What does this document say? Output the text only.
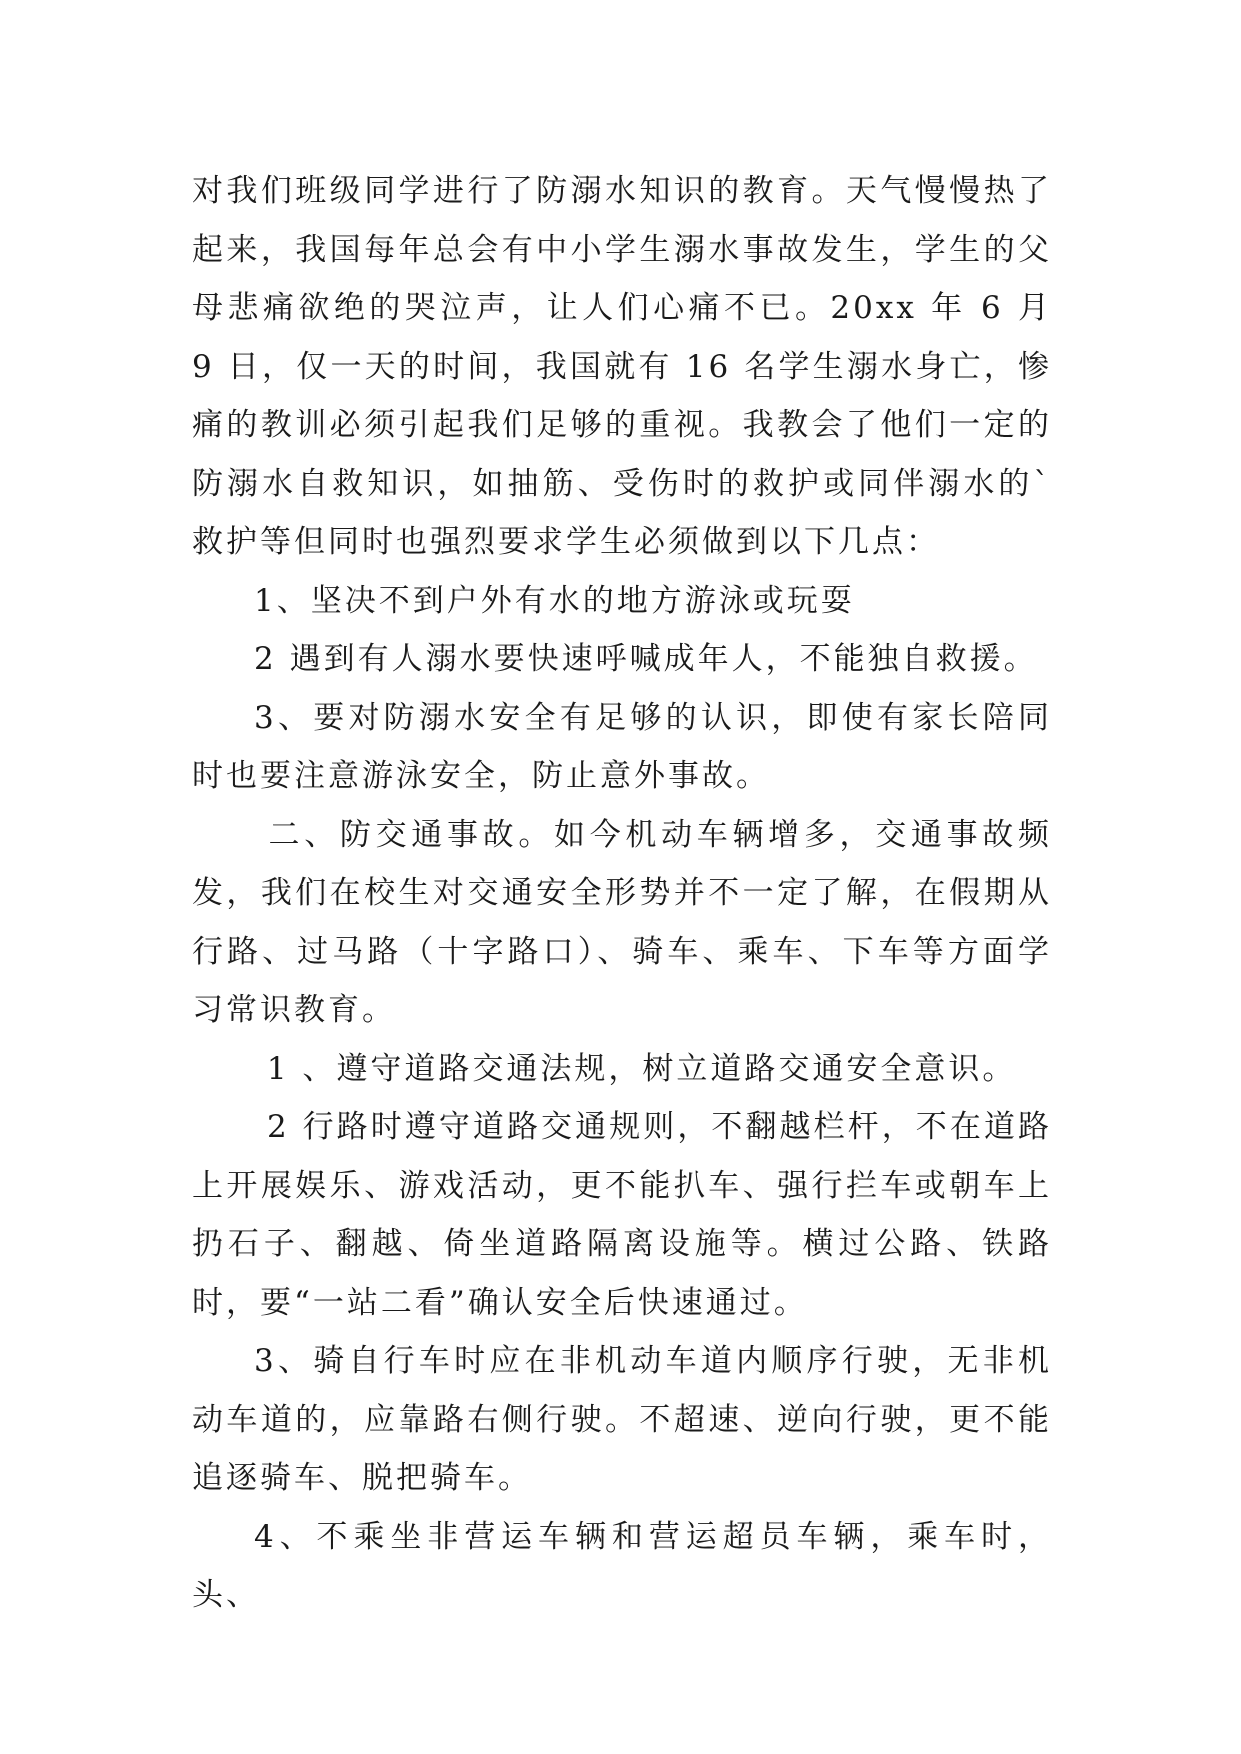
对我们班级同学进行了防溺水知识的教育。天气慢慢热了起来，我国每年总会有中小学生溺水事故发生，学生的父母悲痛欲绝的哭泣声，让人们心痛不已。20xx 年 6 月 9 日，仅一天的时间，我国就有 16 名学生溺水身亡，惨痛的教训必须引起我们足够的重视。我教会了他们一定的防溺水自救知识，如抽筋、受伤时的救护或同伴溺水的`救护等但同时也强烈要求学生必须做到以下几点：

1、坚决不到户外有水的地方游泳或玩耍

2 遇到有人溺水要快速呼喊成年人，不能独自救援。

3、要对防溺水安全有足够的认识，即使有家长陪同时也要注意游泳安全，防止意外事故。

二、防交通事故。如今机动车辆增多，交通事故频发，我们在校生对交通安全形势并不一定了解，在假期从行路、过马路（十字路口）、骑车、乘车、下车等方面学习常识教育。

1 、遵守道路交通法规，树立道路交通安全意识。

2 行路时遵守道路交通规则，不翻越栏杆，不在道路上开展娱乐、游戏活动，更不能扒车、强行拦车或朝车上扔石子、翻越、倚坐道路隔离设施等。横过公路、铁路时，要“一站二看”确认安全后快速通过。

3、骑自行车时应在非机动车道内顺序行驶，无非机动车道的，应靠路右侧行驶。不超速、逆向行驶，更不能追逐骑车、脱把骑车。

4、不乘坐非营运车辆和营运超员车辆，乘车时，头、
